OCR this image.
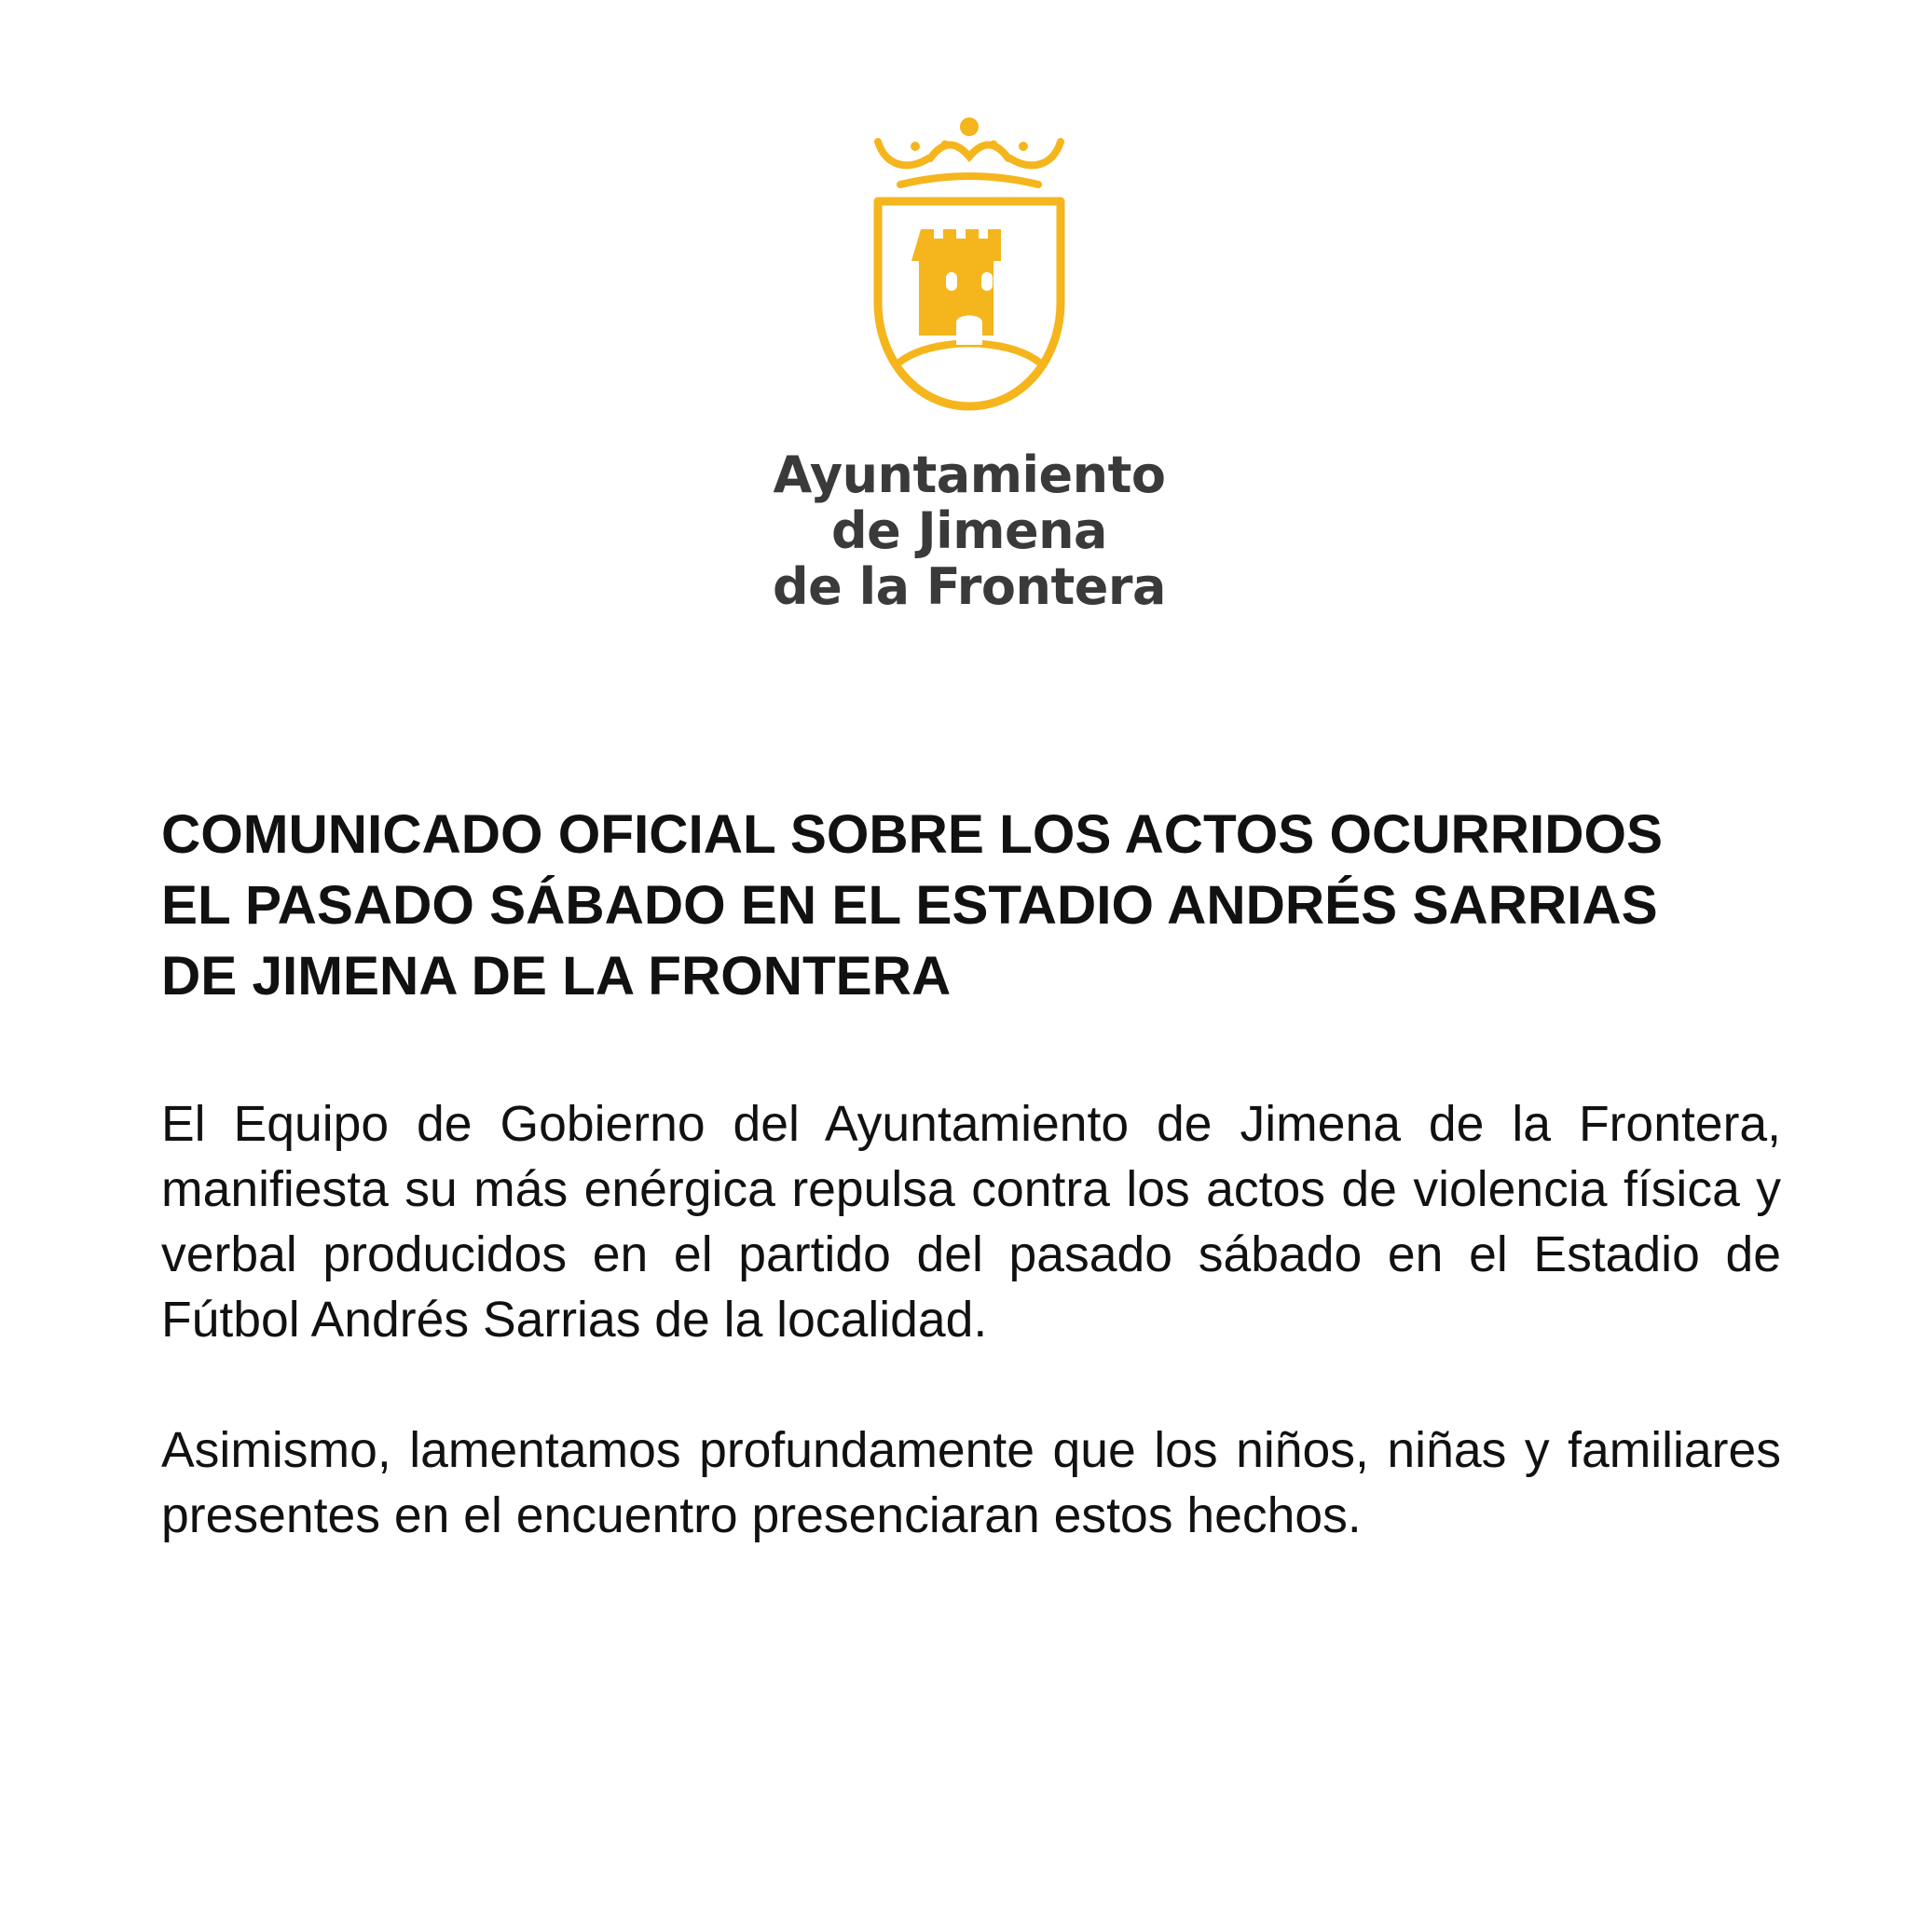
Ayuntamiento
de Jimena
de la Frontera
COMUNICADO OFICIAL SOBRE LOS ACTOS OCURRIDOS
EL PASADO SÁBADO EN EL ESTADIO ANDRÉS SARRIAS
DE JIMENA DE LA FRONTERA

El Equipo de Gobierno del Ayuntamiento de Jimena de la Frontera, manifiesta su más enérgica repulsa contra los actos de violencia física y verbal producidos en el partido del pasado sábado en el Estadio de Fútbol Andrés Sarrias de la localidad.

Asimismo, lamentamos profundamente que los niños, niñas y familiares presentes en el encuentro presenciaran estos hechos.
